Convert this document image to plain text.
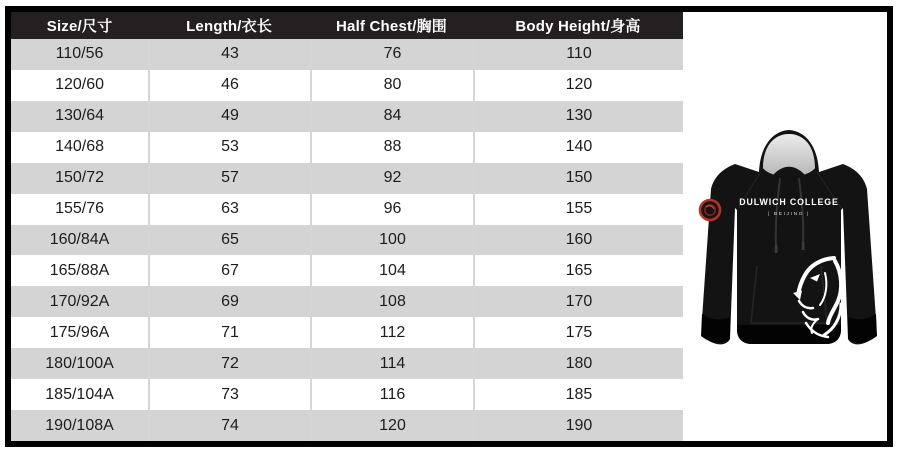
Size/尺寸	Length/衣长	Half Chest/胸围	Body Height/身高
110/56	43	76	110
120/60	46	80	120
130/64	49	84	130
140/68	53	88	140
150/72	57	92	150
155/76	63	96	155
160/84A	65	100	160
165/88A	67	104	165
170/92A	69	108	170
175/96A	71	112	175
180/100A	72	114	180
185/104A	73	116	185
190/108A	74	120	190
DULWICH COLLEGE
| BEIJING |
